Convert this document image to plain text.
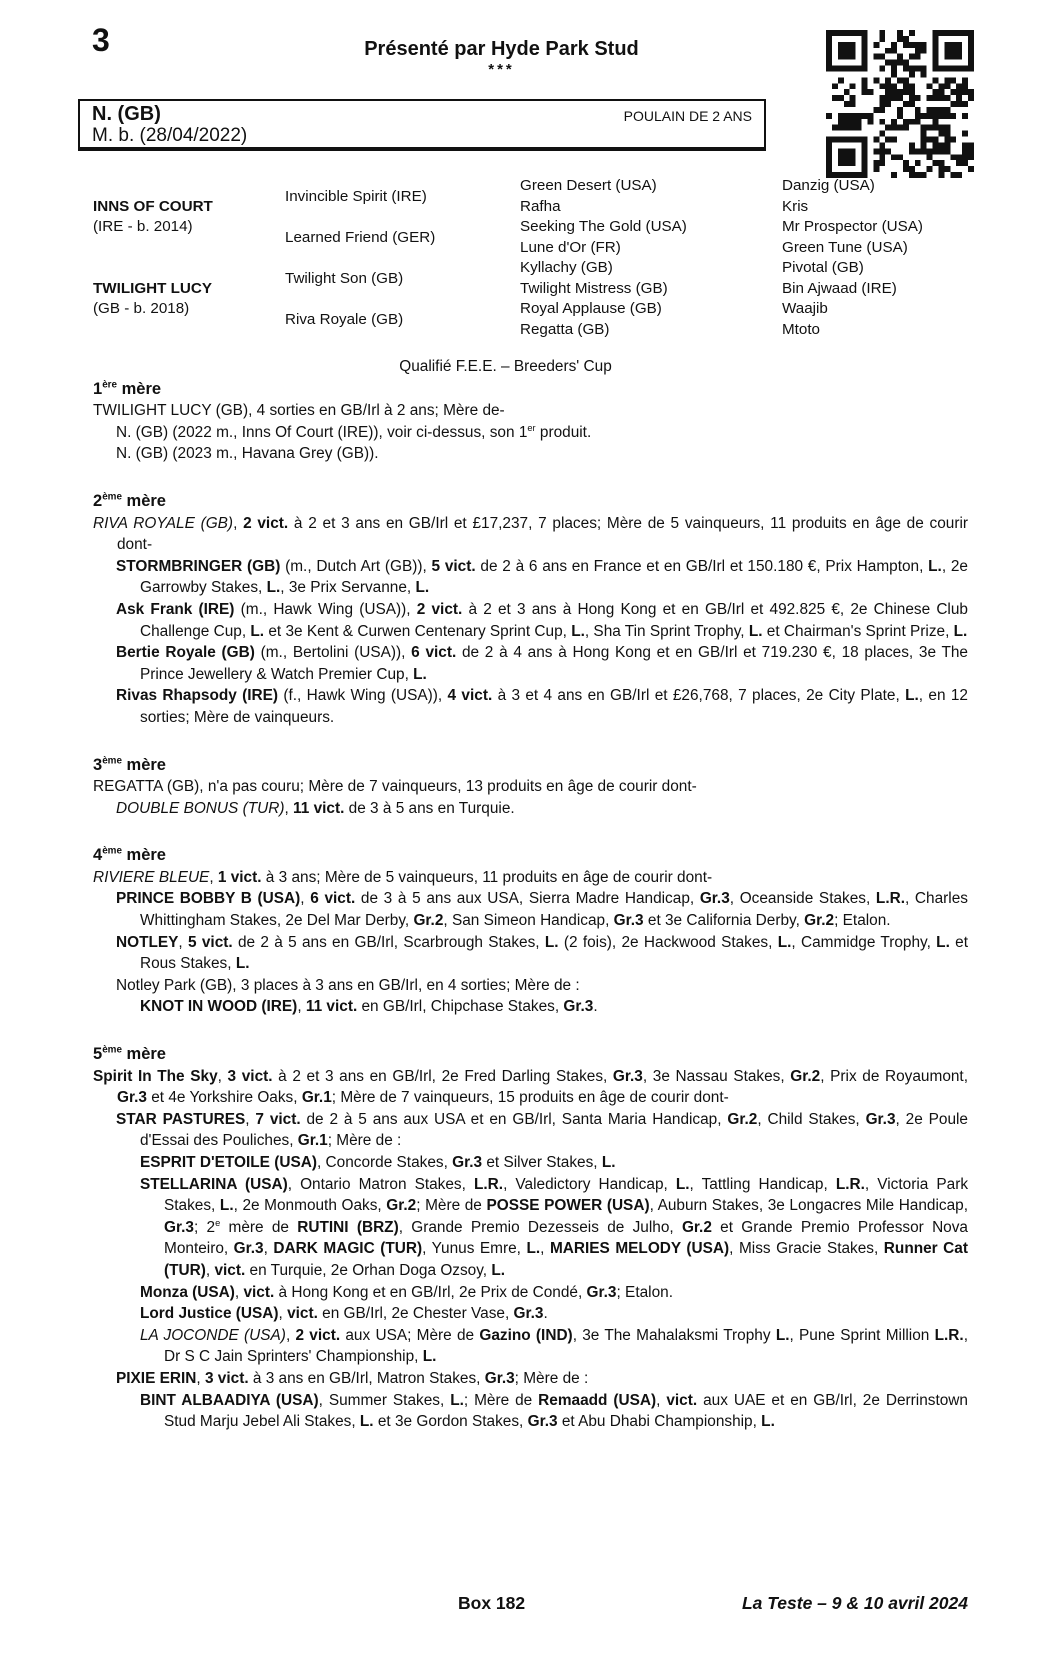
3	Présenté par Hyde Park Stud
***
N. (GB)
M. b. (28/04/2022)
POULAIN DE 2 ANS
INNS OF COURT
(IRE - b. 2014)
TWILIGHT LUCY
(GB - b. 2018)
Invincible Spirit (IRE)
Learned Friend (GER)
Twilight Son (GB)
Riva Royale (GB)
Green Desert (USA)
Rafha
Seeking The Gold (USA)
Lune d'Or (FR)
Kyllachy (GB)
Twilight Mistress (GB)
Royal Applause (GB)
Regatta (GB)
Danzig (USA)
Kris
Mr Prospector (USA)
Green Tune (USA)
Pivotal (GB)
Bin Ajwaad (IRE)
Waajib
Mtoto
Qualifié F.E.E. – Breeders' Cup
1ère mère
TWILIGHT LUCY (GB), 4 sorties en GB/Irl à 2 ans; Mère de-
N. (GB) (2022 m., Inns Of Court (IRE)), voir ci-dessus, son 1er produit.
N. (GB) (2023 m., Havana Grey (GB)).
2ème mère
RIVA ROYALE (GB), 2 vict. à 2 et 3 ans en GB/Irl et £17,237, 7 places; Mère de 5 vainqueurs, 11 produits en âge de courir dont-
STORMBRINGER (GB) (m., Dutch Art (GB)), 5 vict. de 2 à 6 ans en France et en GB/Irl et 150.180 €, Prix Hampton, L., 2e Garrowby Stakes, L., 3e Prix Servanne, L.
Ask Frank (IRE) (m., Hawk Wing (USA)), 2 vict. à 2 et 3 ans à Hong Kong et en GB/Irl et 492.825 €, 2e Chinese Club Challenge Cup, L. et 3e Kent & Curwen Centenary Sprint Cup, L., Sha Tin Sprint Trophy, L. et Chairman's Sprint Prize, L.
Bertie Royale (GB) (m., Bertolini (USA)), 6 vict. de 2 à 4 ans à Hong Kong et en GB/Irl et 719.230 €, 18 places, 3e The Prince Jewellery & Watch Premier Cup, L.
Rivas Rhapsody (IRE) (f., Hawk Wing (USA)), 4 vict. à 3 et 4 ans en GB/Irl et £26,768, 7 places, 2e City Plate, L., en 12 sorties; Mère de vainqueurs.
3ème mère
REGATTA (GB), n'a pas couru; Mère de 7 vainqueurs, 13 produits en âge de courir dont-
DOUBLE BONUS (TUR), 11 vict. de 3 à 5 ans en Turquie.
4ème mère
RIVIERE BLEUE, 1 vict. à 3 ans; Mère de 5 vainqueurs, 11 produits en âge de courir dont-
PRINCE BOBBY B (USA), 6 vict. de 3 à 5 ans aux USA, Sierra Madre Handicap, Gr.3, Oceanside Stakes, L.R., Charles Whittingham Stakes, 2e Del Mar Derby, Gr.2, San Simeon Handicap, Gr.3 et 3e California Derby, Gr.2; Etalon.
NOTLEY, 5 vict. de 2 à 5 ans en GB/Irl, Scarbrough Stakes, L. (2 fois), 2e Hackwood Stakes, L., Cammidge Trophy, L. et Rous Stakes, L.
Notley Park (GB), 3 places à 3 ans en GB/Irl, en 4 sorties; Mère de :
KNOT IN WOOD (IRE), 11 vict. en GB/Irl, Chipchase Stakes, Gr.3.
5ème mère
Spirit In The Sky, 3 vict. à 2 et 3 ans en GB/Irl, 2e Fred Darling Stakes, Gr.3, 3e Nassau Stakes, Gr.2, Prix de Royaumont, Gr.3 et 4e Yorkshire Oaks, Gr.1; Mère de 7 vainqueurs, 15 produits en âge de courir dont-
STAR PASTURES, 7 vict. de 2 à 5 ans aux USA et en GB/Irl, Santa Maria Handicap, Gr.2, Child Stakes, Gr.3, 2e Poule d'Essai des Pouliches, Gr.1; Mère de :
ESPRIT D'ETOILE (USA), Concorde Stakes, Gr.3 et Silver Stakes, L.
STELLARINA (USA), Ontario Matron Stakes, L.R., Valedictory Handicap, L., Tattling Handicap, L.R., Victoria Park Stakes, L., 2e Monmouth Oaks, Gr.2; Mère de POSSE POWER (USA), Auburn Stakes, 3e Longacres Mile Handicap, Gr.3; 2e mère de RUTINI (BRZ), Grande Premio Dezesseis de Julho, Gr.2 et Grande Premio Professor Nova Monteiro, Gr.3, DARK MAGIC (TUR), Yunus Emre, L., MARIES MELODY (USA), Miss Gracie Stakes, Runner Cat (TUR), vict. en Turquie, 2e Orhan Doga Ozsoy, L.
Monza (USA), vict. à Hong Kong et en GB/Irl, 2e Prix de Condé, Gr.3; Etalon.
Lord Justice (USA), vict. en GB/Irl, 2e Chester Vase, Gr.3.
LA JOCONDE (USA), 2 vict. aux USA; Mère de Gazino (IND), 3e The Mahalaksmi Trophy L., Pune Sprint Million L.R., Dr S C Jain Sprinters' Championship, L.
PIXIE ERIN, 3 vict. à 3 ans en GB/Irl, Matron Stakes, Gr.3; Mère de :
BINT ALBAADIYA (USA), Summer Stakes, L.; Mère de Remaadd (USA), vict. aux UAE et en GB/Irl, 2e Derrinstown Stud Marju Jebel Ali Stakes, L. et 3e Gordon Stakes, Gr.3 et Abu Dhabi Championship, L.
Box 182	La Teste – 9 & 10 avril 2024
